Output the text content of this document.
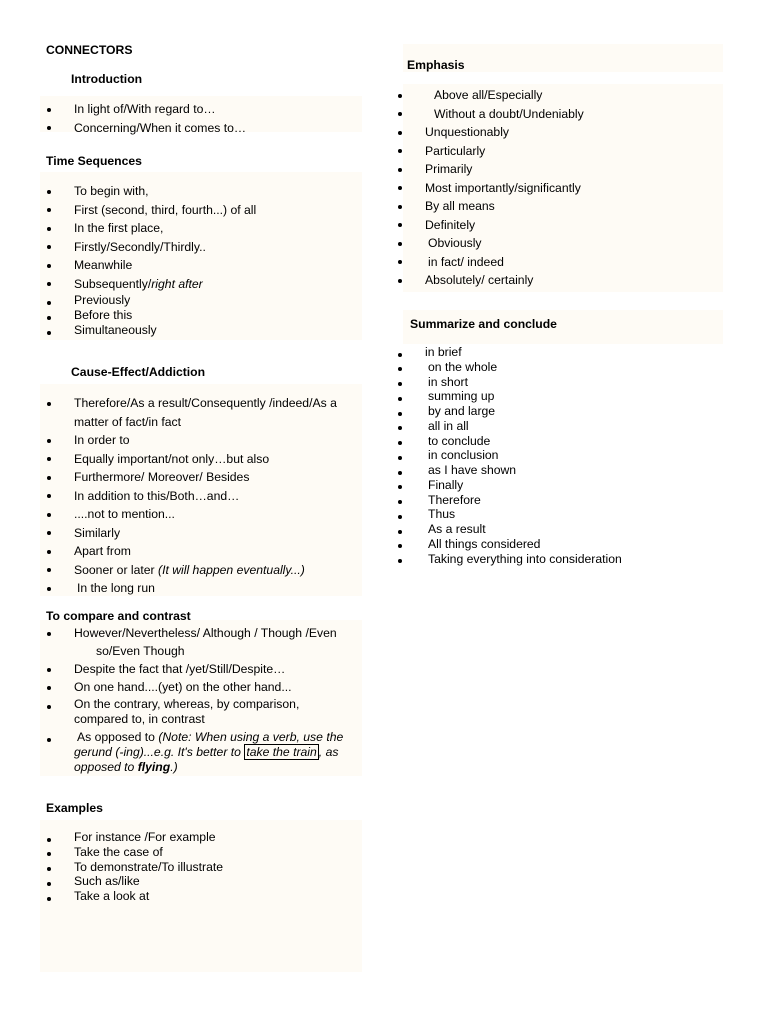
CONNECTORS
Introduction
In light of/With regard to…
Concerning/When it comes to…
Time Sequences
To begin with,
First (second, third, fourth...) of all
In the first place,
Firstly/Secondly/Thirdly..
Meanwhile
Subsequently/right after
Previously
Before this
Simultaneously
Cause-Effect/Addiction
Therefore/As a result/Consequently /indeed/As a
matter of fact/in fact
In order to
Equally important/not only…but also
Furthermore/ Moreover/ Besides
In addition to this/Both…and…
....not to mention...
Similarly
Apart from
Sooner or later (It will happen eventually...)
In the long run
To compare and contrast
However/Nevertheless/ Although / Though /Even
so/Even Though
Despite the fact that /yet/Still/Despite…
On one hand....(yet) on the other hand...
On the contrary, whereas, by comparison,
compared to, in contrast
As opposed to (Note: When using a verb, use the
gerund (-ing)...e.g. It's better to take the train , as
opposed to flying.)
Examples
For instance /For example
Take the case of
To demonstrate/To illustrate
Such as/like
Take a look at
Emphasis
Above all/Especially
Without a doubt/Undeniably
Unquestionably
Particularly
Primarily
Most importantly/significantly
By all means
Definitely
Obviously
in fact/ indeed
Absolutely/ certainly
Summarize and conclude
in brief
on the whole
in short
summing up
by and large
all in all
to conclude
in conclusion
as I have shown
Finally
Therefore
Thus
As a result
All things considered
Taking everything into consideration
